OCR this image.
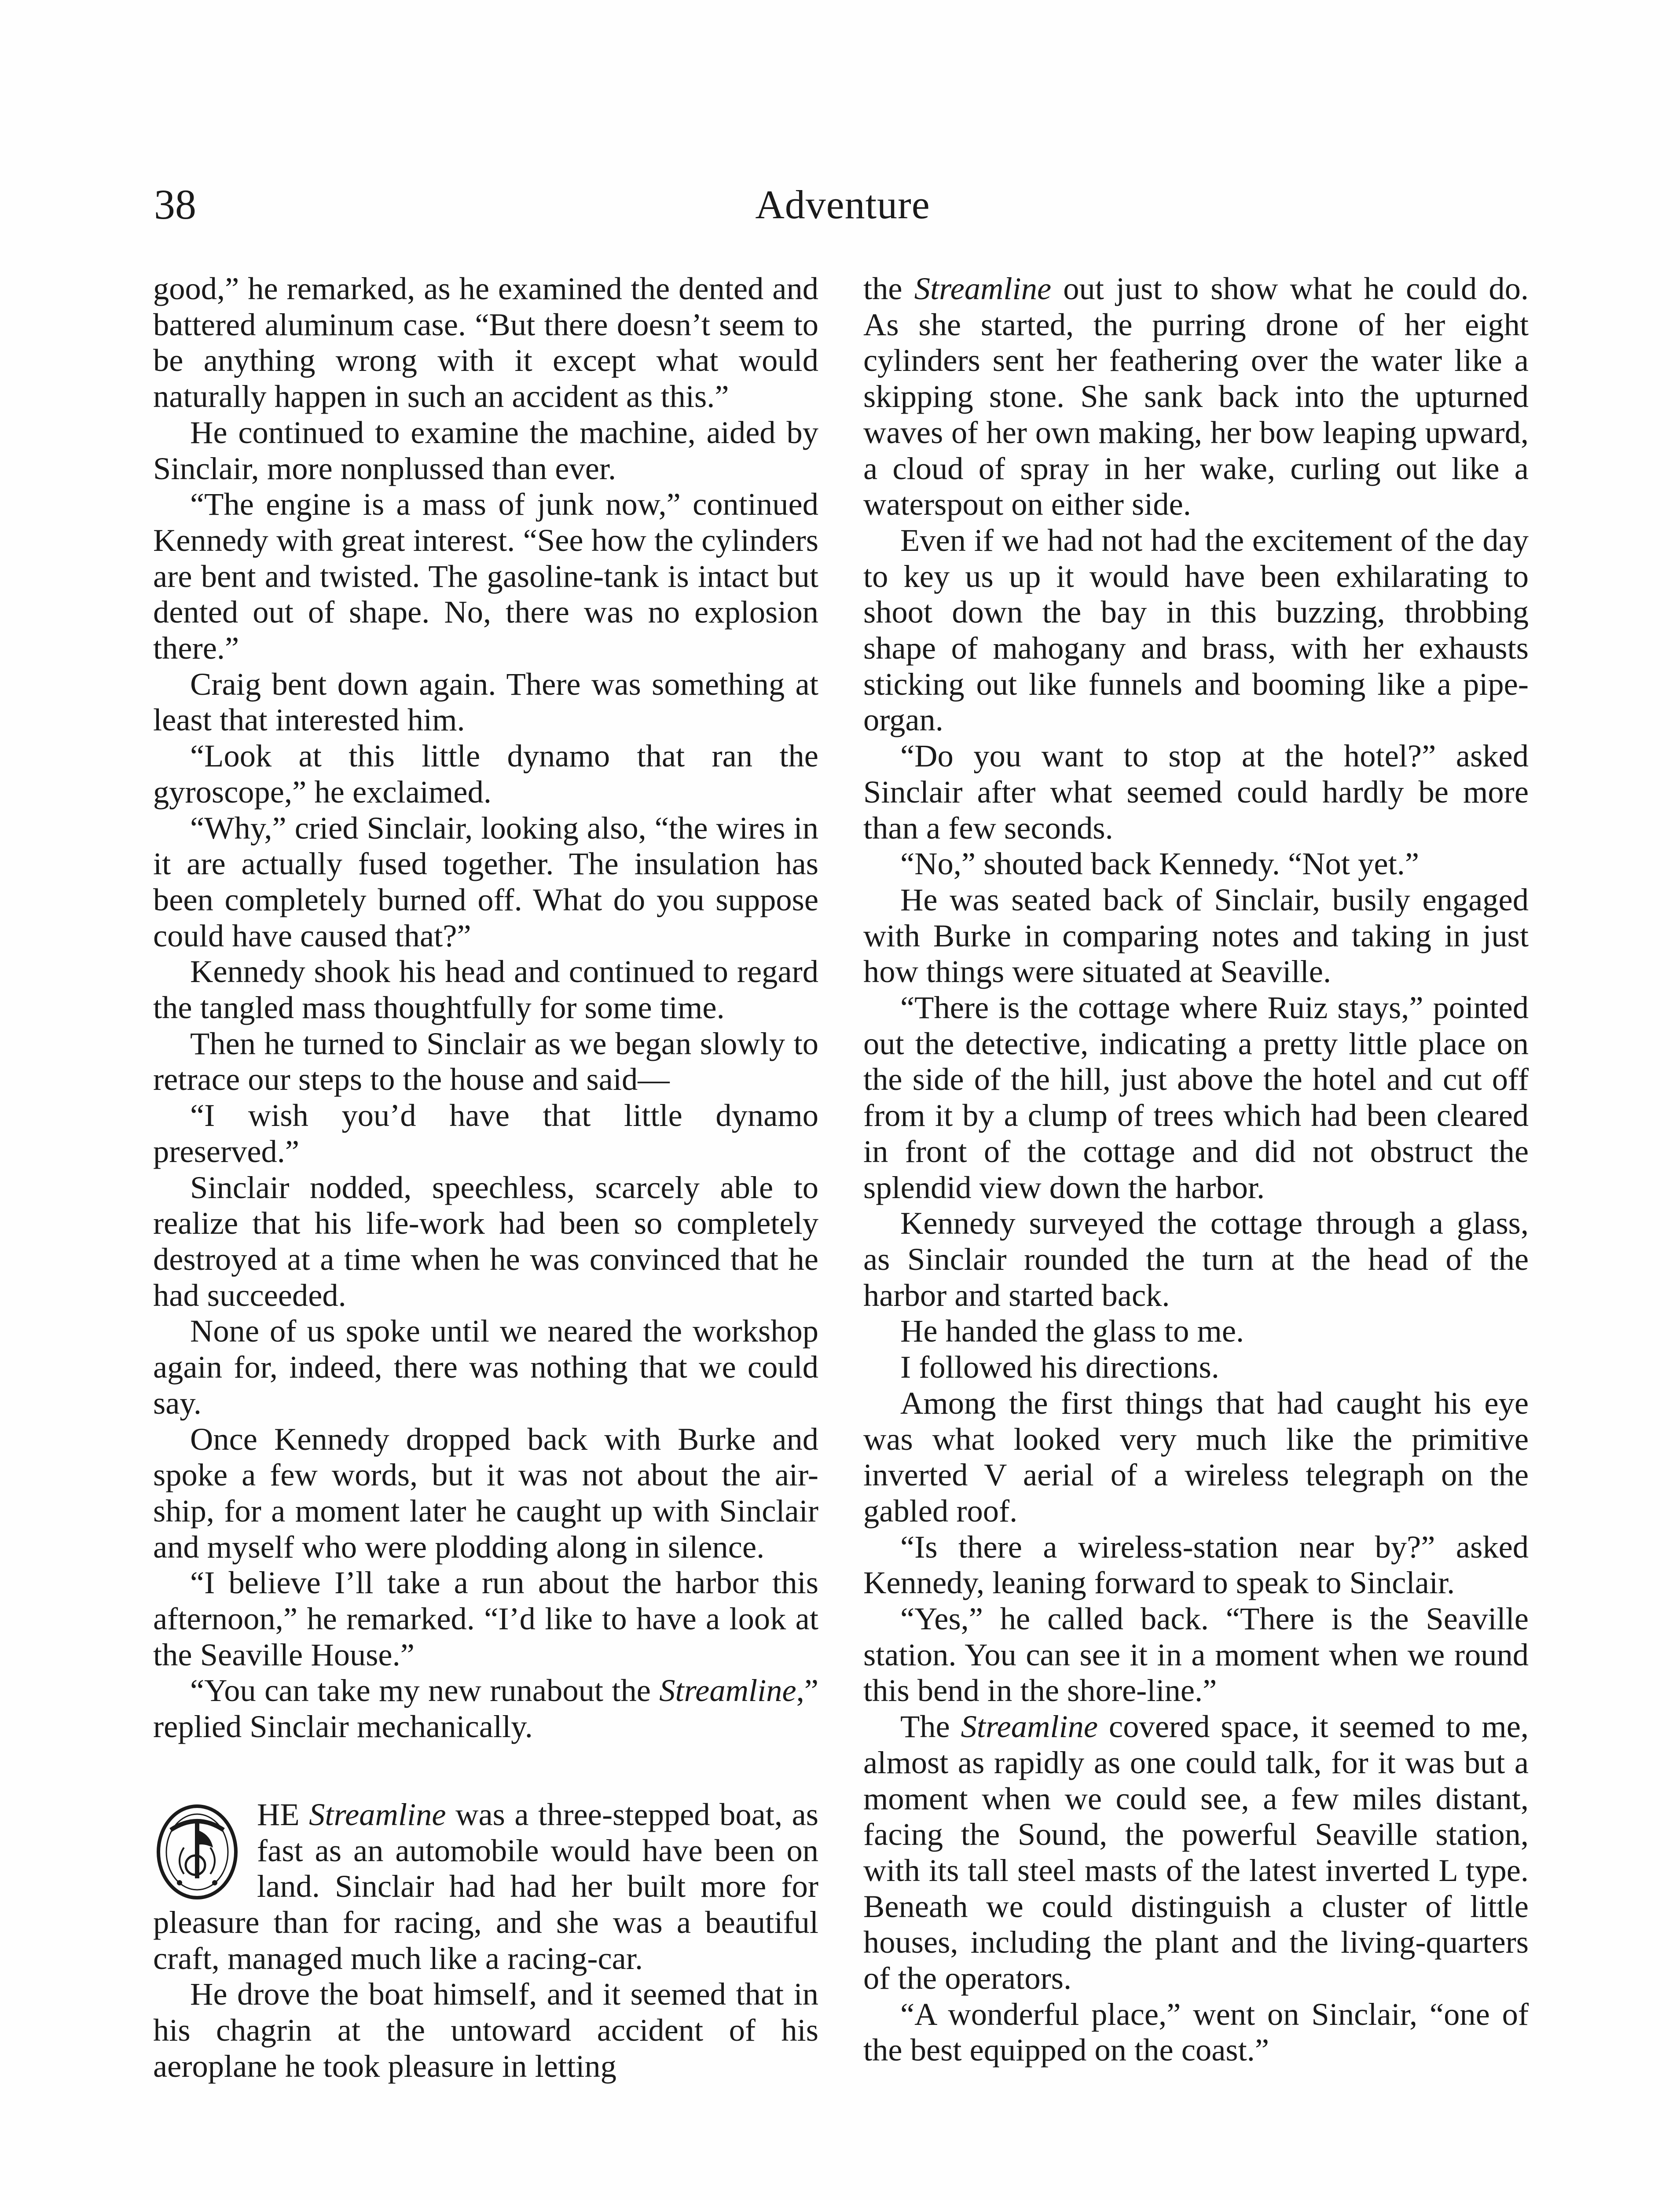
38	Adventure

good,” he remarked, as he examined the dented and battered aluminum case. “But there doesn’t seem to be anything wrong with it except what would naturally happen in such an accident as this.”

He continued to examine the machine, aided by Sinclair, more nonplussed than ever.

“The engine is a mass of junk now,” continued Kennedy with great interest. “See how the cylinders are bent and twisted. The gasoline-tank is intact but dented out of shape. No, there was no explosion there.”

Craig bent down again. There was something at least that interested him.

“Look at this little dynamo that ran the gyroscope,” he exclaimed.

“Why,” cried Sinclair, looking also, “the wires in it are actually fused together. The insulation has been completely burned off. What do you suppose could have caused that?”

Kennedy shook his head and continued to regard the tangled mass thoughtfully for some time.

Then he turned to Sinclair as we began slowly to retrace our steps to the house and said—

“I wish you’d have that little dynamo preserved.”

Sinclair nodded, speechless, scarcely able to realize that his life-work had been so completely destroyed at a time when he was convinced that he had succeeded.

None of us spoke until we neared the workshop again for, indeed, there was nothing that we could say.

Once Kennedy dropped back with Burke and spoke a few words, but it was not about the air-ship, for a moment later he caught up with Sinclair and myself who were plodding along in silence.

“I believe I’ll take a run about the harbor this afternoon,” he remarked. “I’d like to have a look at the Seaville House.”

“You can take my new runabout the Streamline,” replied Sinclair mechanically.

HE Streamline was a three-stepped boat, as fast as an automobile would have been on land. Sinclair had had her built more for pleasure than for racing, and she was a beautiful craft, managed much like a racing-car.

He drove the boat himself, and it seemed that in his chagrin at the untoward accident of his aeroplane he took pleasure in letting

the Streamline out just to show what he could do. As she started, the purring drone of her eight cylinders sent her feathering over the water like a skipping stone. She sank back into the upturned waves of her own making, her bow leaping upward, a cloud of spray in her wake, curling out like a waterspout on either side.

Even if we had not had the excitement of the day to key us up it would have been exhilarating to shoot down the bay in this buzzing, throbbing shape of mahogany and brass, with her exhausts sticking out like funnels and booming like a pipe-organ.

“Do you want to stop at the hotel?” asked Sinclair after what seemed could hardly be more than a few seconds.

“No,” shouted back Kennedy. “Not yet.”

He was seated back of Sinclair, busily engaged with Burke in comparing notes and taking in just how things were situated at Seaville.

“There is the cottage where Ruiz stays,” pointed out the detective, indicating a pretty little place on the side of the hill, just above the hotel and cut off from it by a clump of trees which had been cleared in front of the cottage and did not obstruct the splendid view down the harbor.

Kennedy surveyed the cottage through a glass, as Sinclair rounded the turn at the head of the harbor and started back.

He handed the glass to me.

I followed his directions.

Among the first things that had caught his eye was what looked very much like the primitive inverted V aerial of a wireless telegraph on the gabled roof.

“Is there a wireless-station near by?” asked Kennedy, leaning forward to speak to Sinclair.

“Yes,” he called back. “There is the Seaville station. You can see it in a moment when we round this bend in the shore-line.”

The Streamline covered space, it seemed to me, almost as rapidly as one could talk, for it was but a moment when we could see, a few miles distant, facing the Sound, the powerful Seaville station, with its tall steel masts of the latest inverted L type. Beneath we could distinguish a cluster of little houses, including the plant and the living-quarters of the operators.

“A wonderful place,” went on Sinclair, “one of the best equipped on the coast.”
